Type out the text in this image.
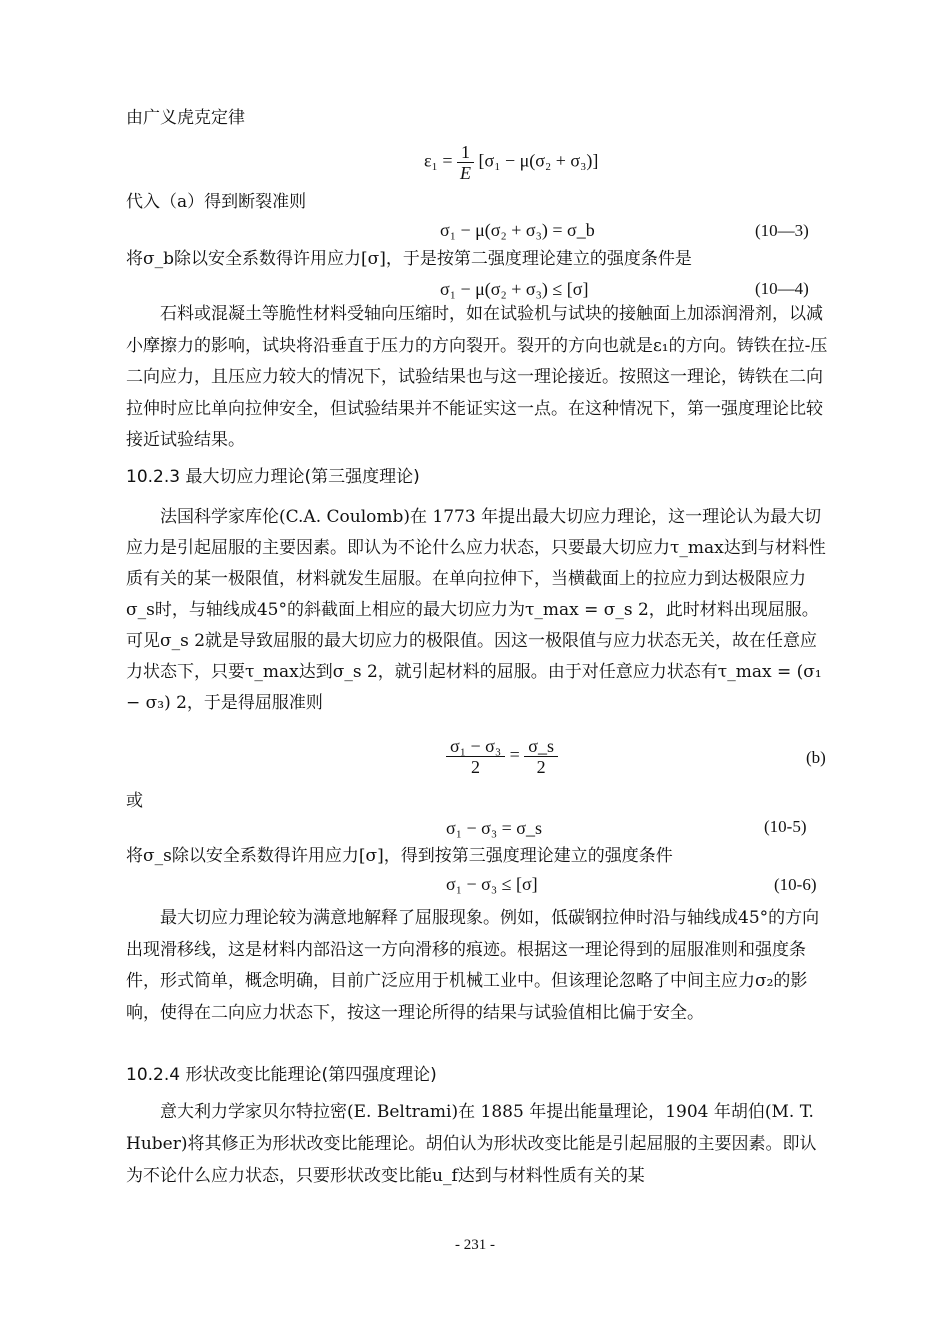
由广义虎克定律
$\varepsilon_1 = \frac{1}{E} [\sigma_1 - \mu(\sigma_2 + \sigma_3)]$
代入（a）得到断裂准则
σ₁ − μ(σ₂ + σ₃) = σ_b	(10—3)
将σ_b除以安全系数得许用应力[σ]，于是按第二强度理论建立的强度条件是
σ₁ − μ(σ₂ + σ₃) ≤ [σ]	(10—4)

石料或混凝土等脆性材料受轴向压缩时，如在试验机与试块的接触面上加添润滑剂，以减小摩擦力的影响，试块将沿垂直于压力的方向裂开。裂开的方向也就是ε₁的方向。铸铁在拉-压二向应力，且压应力较大的情况下，试验结果也与这一理论接近。按照这一理论，铸铁在二向拉伸时应比单向拉伸安全，但试验结果并不能证实这一点。在这种情况下，第一强度理论比较接近试验结果。

10.2.3 最大切应力理论(第三强度理论)

法国科学家库伦(C.A. Coulomb)在 1773 年提出最大切应力理论，这一理论认为最大切应力是引起屈服的主要因素。即认为不论什么应力状态，只要最大切应力τ_max达到与材料性质有关的某一极限值，材料就发生屈服。在单向拉伸下，当横截面上的拉应力到达极限应力σ_s时，与轴线成45°的斜截面上相应的最大切应力为τ_max = σ_s 2，此时材料出现屈服。可见σ_s 2就是导致屈服的最大切应力的极限值。因这一极限值与应力状态无关，故在任意应力状态下，只要τ_max达到σ_s 2，就引起材料的屈服。由于对任意应力状态有τ_max = (σ₁ − σ₃) 2，于是得屈服准则

$\frac{\text{σ₁ − σ₃}}{2} = \frac{\sigma\_s}{2}$	(b)
或
σ₁ − σ₃ = σ_s	(10-5)
将σ_s除以安全系数得许用应力[σ]，得到按第三强度理论建立的强度条件
σ₁ − σ₃ ≤ [σ]	(10-6)

最大切应力理论较为满意地解释了屈服现象。例如，低碳钢拉伸时沿与轴线成45°的方向出现滑移线，这是材料内部沿这一方向滑移的痕迹。根据这一理论得到的屈服准则和强度条件，形式简单，概念明确，目前广泛应用于机械工业中。但该理论忽略了中间主应力σ₂的影响，使得在二向应力状态下，按这一理论所得的结果与试验值相比偏于安全。

10.2.4 形状改变比能理论(第四强度理论)

意大利力学家贝尔特拉密(E. Beltrami)在 1885 年提出能量理论，1904 年胡伯(M. T. Huber)将其修正为形状改变比能理论。胡伯认为形状改变比能是引起屈服的主要因素。即认为不论什么应力状态，只要形状改变比能u_f达到与材料性质有关的某

- 231 -
